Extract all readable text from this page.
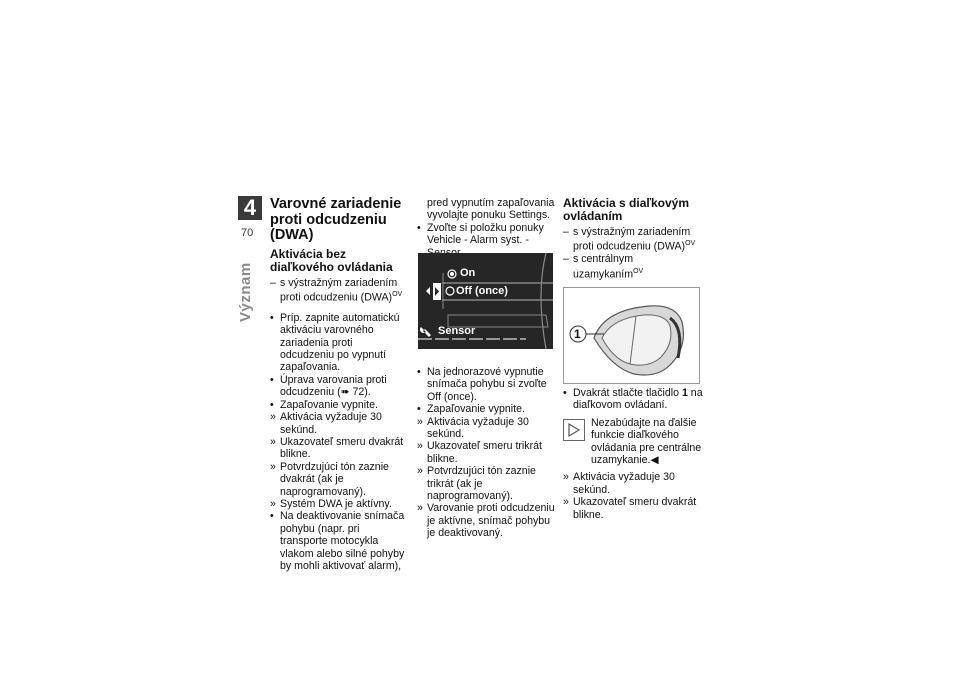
4
70
Význam
Varovné zariadenie proti odcudzeniu (DWA)
Aktivácia bez diaľkového ovládania

– s výstražným zariadením proti odcudzeniu (DWA)$^{OV}$

• Príp. zapnite automatickú aktiváciu varovného zariadenia proti odcudzeniu po vypnutí zapaľovania.

• Úprava varovania proti odcudzeniu (➠ 72).

• Zapaľovanie vypnite.

» Aktivácia vyžaduje 30 sekúnd.

» Ukazovateľ smeru dvakrát blikne.

» Potvrdzujúci tón zaznie dvakrát (ak je naprogramovaný).

» Systém DWA je aktívny.

• Na deaktivovanie snímača pohybu (napr. pri transporte motocykla vlakom alebo silné pohyby by mohli aktivovať alarm),

pred vypnutím zapaľovania vyvolajte ponuku Settings.

• Zvoľte si položku ponuky Vehicle - Alarm syst. -

On
Off (once)
Sensor

• Na jednorazové vypnutie snímača pohybu si zvoľte Off (once).

• Zapaľovanie vypnite.

» Aktivácia vyžaduje 30 sekúnd.

» Ukazovateľ smeru trikrát blikne.

» Potvrdzujúci tón zaznie trikrát (ak je naprogramovaný).

» Varovanie proti odcudzeniu je aktívne, snímač pohybu je deaktivovaný.

Aktivácia s diaľkovým ovládaním

– s výstražným zariadením proti odcudzeniu (DWA)$^{OV}$

– s centrálnym uzamykaním$^{OV}$

1

• Dvakrát stlačte tlačidlo 1 na diaľkovom ovládaní.

Nezabúdajte na ďalšie funkcie diaľkového ovládania pre centrálne uzamykanie.◀

» Aktivácia vyžaduje 30 sekúnd.

» Ukazovateľ smeru dvakrát blikne.
